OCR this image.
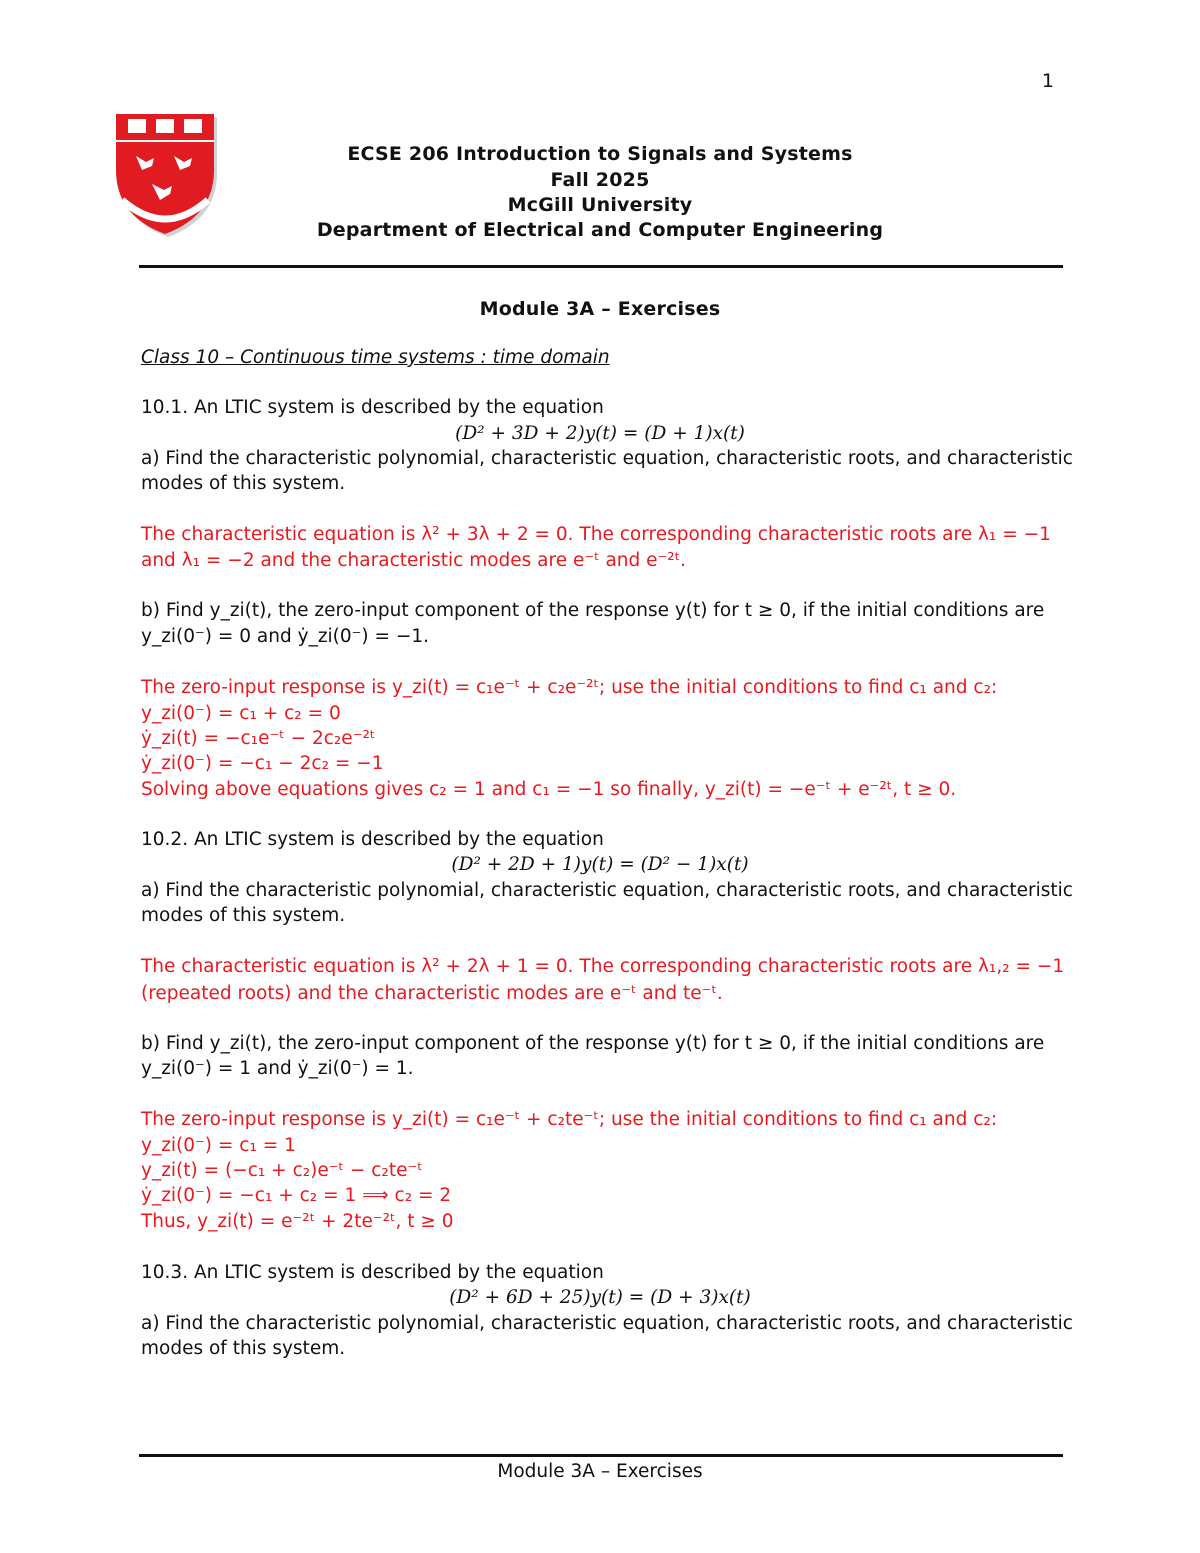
1
ECSE 206 Introduction to Signals and Systems
Fall 2025
McGill University
Department of Electrical and Computer Engineering
Module 3A – Exercises
Class 10 – Continuous time systems : time domain
10.1. An LTIC system is described by the equation
(D² + 3D + 2)y(t) = (D + 1)x(t)
a) Find the characteristic polynomial, characteristic equation, characteristic roots, and characteristic
modes of this system.
The characteristic equation is λ² + 3λ + 2 = 0. The corresponding characteristic roots are λ₁ = −1
and λ₁ = −2 and the characteristic modes are e⁻ᵗ and e⁻²ᵗ.
b) Find y_zi(t), the zero-input component of the response y(t) for t ≥ 0, if the initial conditions are
y_zi(0⁻) = 0 and ẏ_zi(0⁻) = −1.
The zero-input response is y_zi(t) = c₁e⁻ᵗ + c₂e⁻²ᵗ; use the initial conditions to find c₁ and c₂:
y_zi(0⁻) = c₁ + c₂ = 0
ẏ_zi(t) = −c₁e⁻ᵗ − 2c₂e⁻²ᵗ
ẏ_zi(0⁻) = −c₁ − 2c₂ = −1
Solving above equations gives c₂ = 1 and c₁ = −1 so finally, y_zi(t) = −e⁻ᵗ + e⁻²ᵗ, t ≥ 0.
10.2. An LTIC system is described by the equation
(D² + 2D + 1)y(t) = (D² − 1)x(t)
a) Find the characteristic polynomial, characteristic equation, characteristic roots, and characteristic
modes of this system.
The characteristic equation is λ² + 2λ + 1 = 0. The corresponding characteristic roots are λ₁,₂ = −1
(repeated roots) and the characteristic modes are e⁻ᵗ and te⁻ᵗ.
b) Find y_zi(t), the zero-input component of the response y(t) for t ≥ 0, if the initial conditions are
y_zi(0⁻) = 1 and ẏ_zi(0⁻) = 1.
The zero-input response is y_zi(t) = c₁e⁻ᵗ + c₂te⁻ᵗ; use the initial conditions to find c₁ and c₂:
y_zi(0⁻) = c₁ = 1
y_zi(t) = (−c₁ + c₂)e⁻ᵗ − c₂te⁻ᵗ
ẏ_zi(0⁻) = −c₁ + c₂ = 1 ⟹ c₂ = 2
Thus, y_zi(t) = e⁻²ᵗ + 2te⁻²ᵗ, t ≥ 0
10.3. An LTIC system is described by the equation
(D² + 6D + 25)y(t) = (D + 3)x(t)
a) Find the characteristic polynomial, characteristic equation, characteristic roots, and characteristic
modes of this system.
Module 3A – Exercises
